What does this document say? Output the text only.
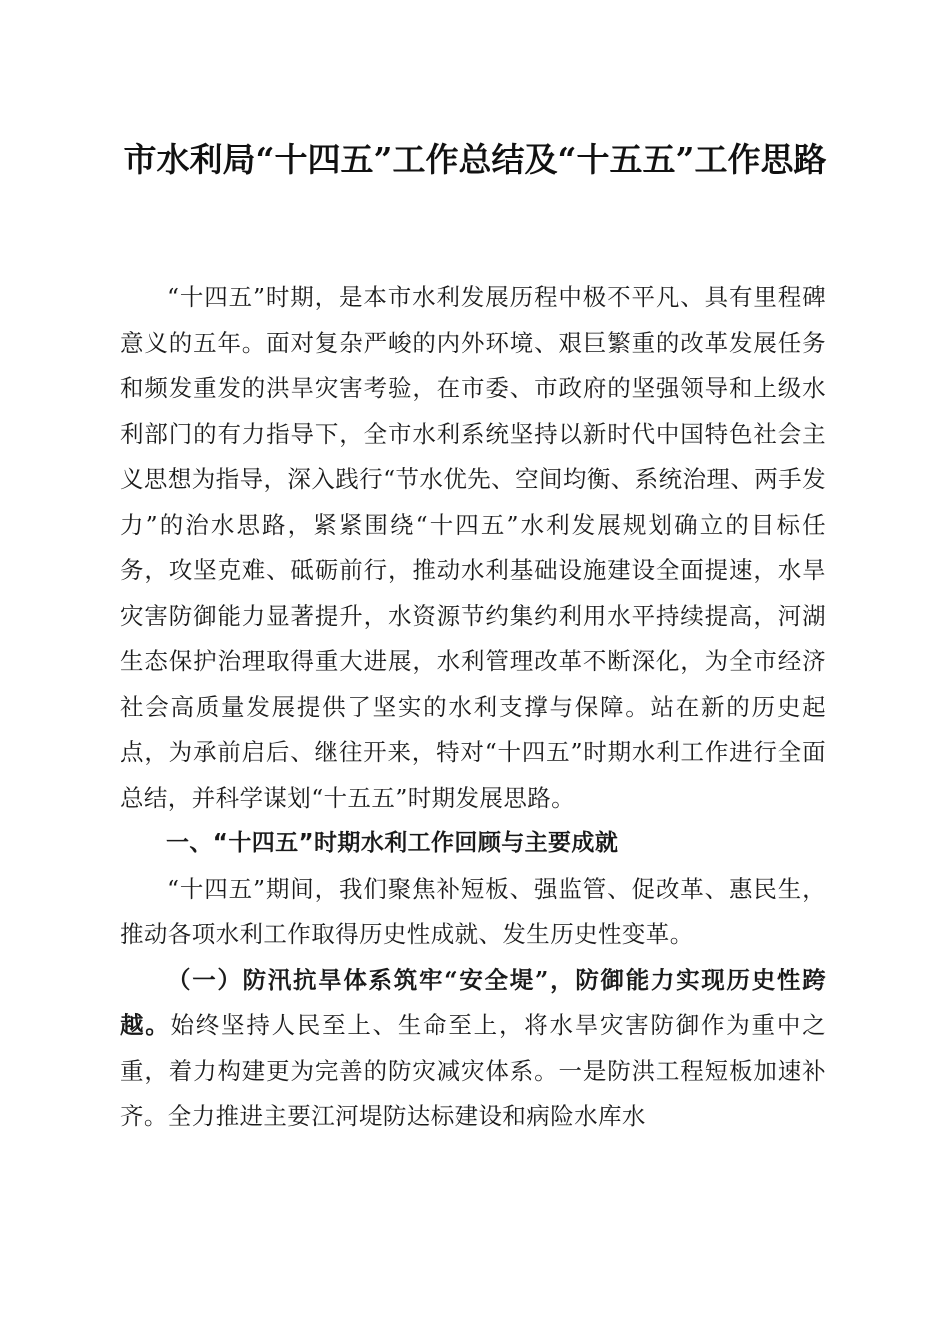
市水利局“十四五”工作总结及“十五五”工作思路

“十四五”时期，是本市水利发展历程中极不平凡、具有里程碑意义的五年。面对复杂严峻的内外环境、艰巨繁重的改革发展任务和频发重发的洪旱灾害考验，在市委、市政府的坚强领导和上级水利部门的有力指导下，全市水利系统坚持以新时代中国特色社会主义思想为指导，深入践行“节水优先、空间均衡、系统治理、两手发力”的治水思路，紧紧围绕“十四五”水利发展规划确立的目标任务，攻坚克难、砥砺前行，推动水利基础设施建设全面提速，水旱灾害防御能力显著提升，水资源节约集约利用水平持续提高，河湖生态保护治理取得重大进展，水利管理改革不断深化，为全市经济社会高质量发展提供了坚实的水利支撑与保障。站在新的历史起点，为承前启后、继往开来，特对“十四五”时期水利工作进行全面总结，并科学谋划“十五五”时期发展思路。

一、“十四五”时期水利工作回顾与主要成就

“十四五”期间，我们聚焦补短板、强监管、促改革、惠民生，推动各项水利工作取得历史性成就、发生历史性变革。

（一）防汛抗旱体系筑牢“安全堤”，防御能力实现历史性跨越。始终坚持人民至上、生命至上，将水旱灾害防御作为重中之重，着力构建更为完善的防灾减灾体系。一是防洪工程短板加速补齐。全力推进主要江河堤防达标建设和病险水库水
